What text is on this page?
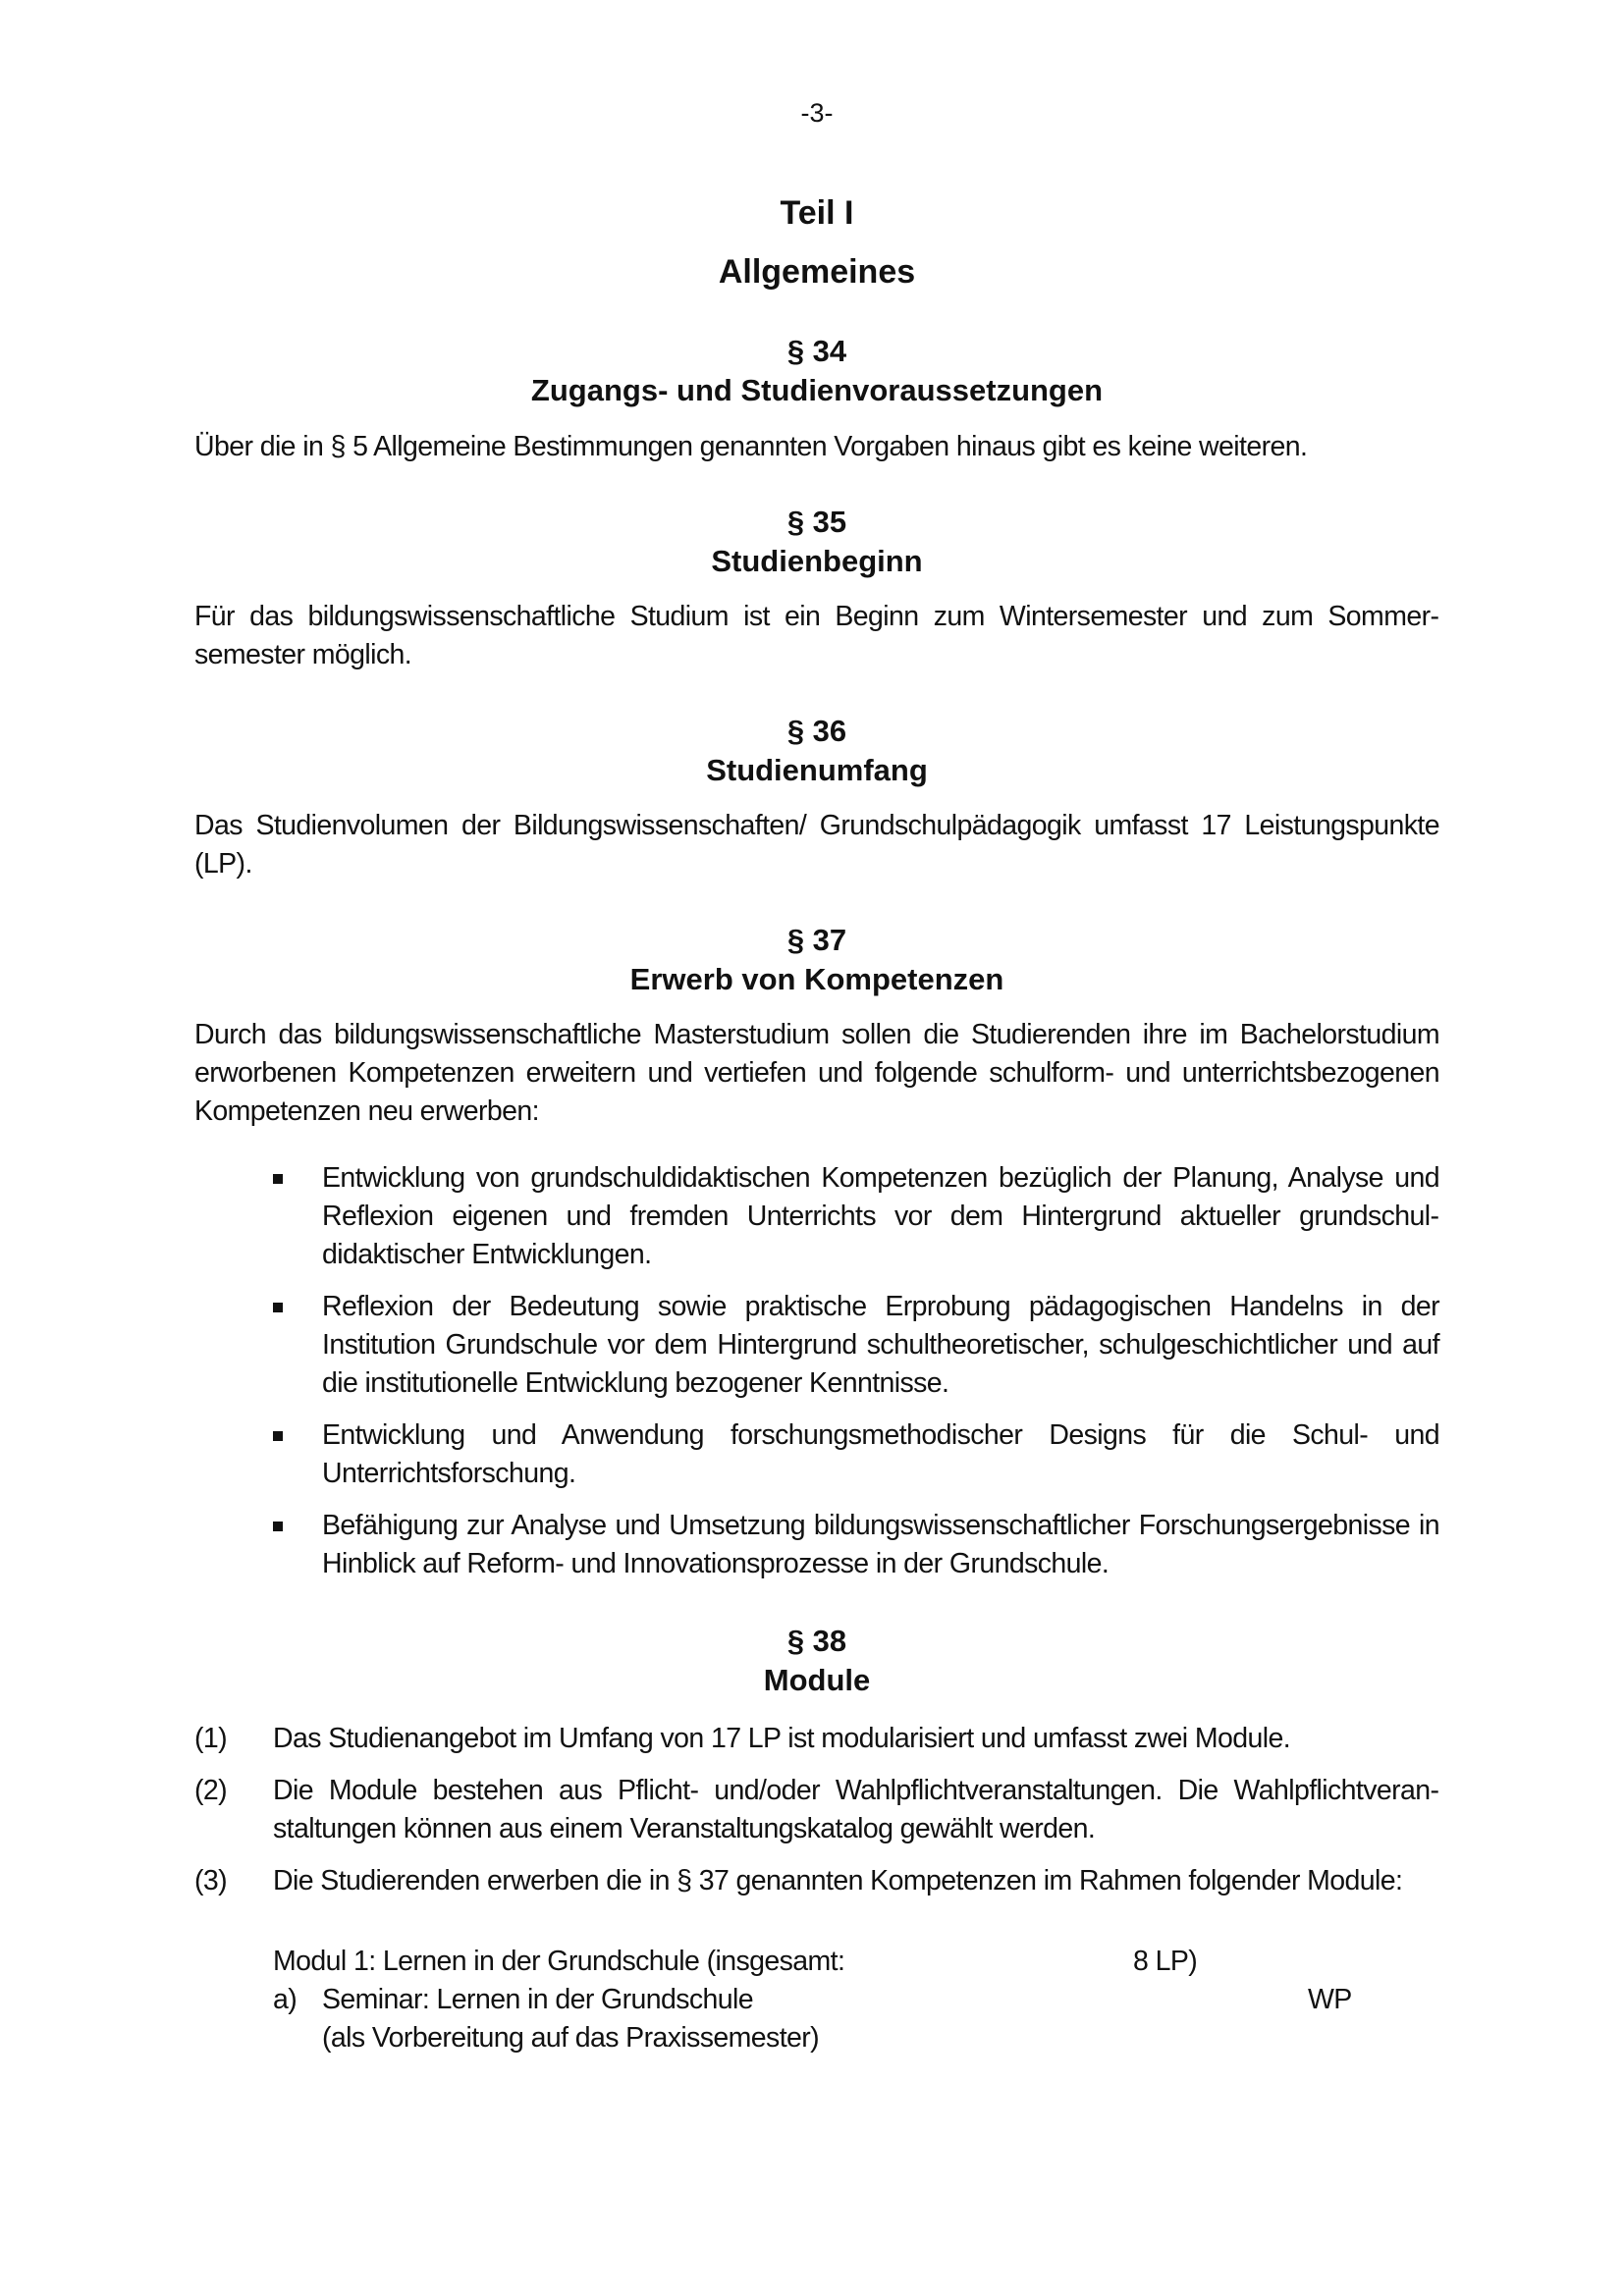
-3-
Teil I
Allgemeines
§ 34
Zugangs- und Studienvoraussetzungen
Über die in § 5 Allgemeine Bestimmungen genannten Vorgaben hinaus gibt es keine weiteren.
§ 35
Studienbeginn
Für das bildungswissenschaftliche Studium ist ein Beginn zum Wintersemester und zum Sommersemester möglich.
§ 36
Studienumfang
Das Studienvolumen der Bildungswissenschaften/ Grundschulpädagogik umfasst 17 Leistungspunkte (LP).
§ 37
Erwerb von Kompetenzen
Durch das bildungswissenschaftliche Masterstudium sollen die Studierenden ihre im Bachelorstudium erworbenen Kompetenzen erweitern und vertiefen und folgende schulform- und unterrichtsbezogenen Kompetenzen neu erwerben:
Entwicklung von grundschuldidaktischen Kompetenzen bezüglich der Planung, Analyse und Reflexion eigenen und fremden Unterrichts vor dem Hintergrund aktueller grundschuldidaktischer Entwicklungen.
Reflexion der Bedeutung sowie praktische Erprobung pädagogischen Handelns in der Institution Grundschule vor dem Hintergrund schultheoretischer, schulgeschichtlicher und auf die institutionelle Entwicklung bezogener Kenntnisse.
Entwicklung und Anwendung forschungsmethodischer Designs für die Schul- und Unterrichtsforschung.
Befähigung zur Analyse und Umsetzung bildungswissenschaftlicher Forschungsergebnisse in Hinblick auf Reform- und Innovationsprozesse in der Grundschule.
§ 38
Module
(1) Das Studienangebot im Umfang von 17 LP ist modularisiert und umfasst zwei Module.
(2) Die Module bestehen aus Pflicht- und/oder Wahlpflichtveranstaltungen. Die Wahlpflichtveranstaltungen können aus einem Veranstaltungskatalog gewählt werden.
(3) Die Studierenden erwerben die in § 37 genannten Kompetenzen im Rahmen folgender Module:
Modul 1: Lernen in der Grundschule (insgesamt:	8 LP)
a) Seminar: Lernen in der Grundschule	WP
(als Vorbereitung auf das Praxissemester)
